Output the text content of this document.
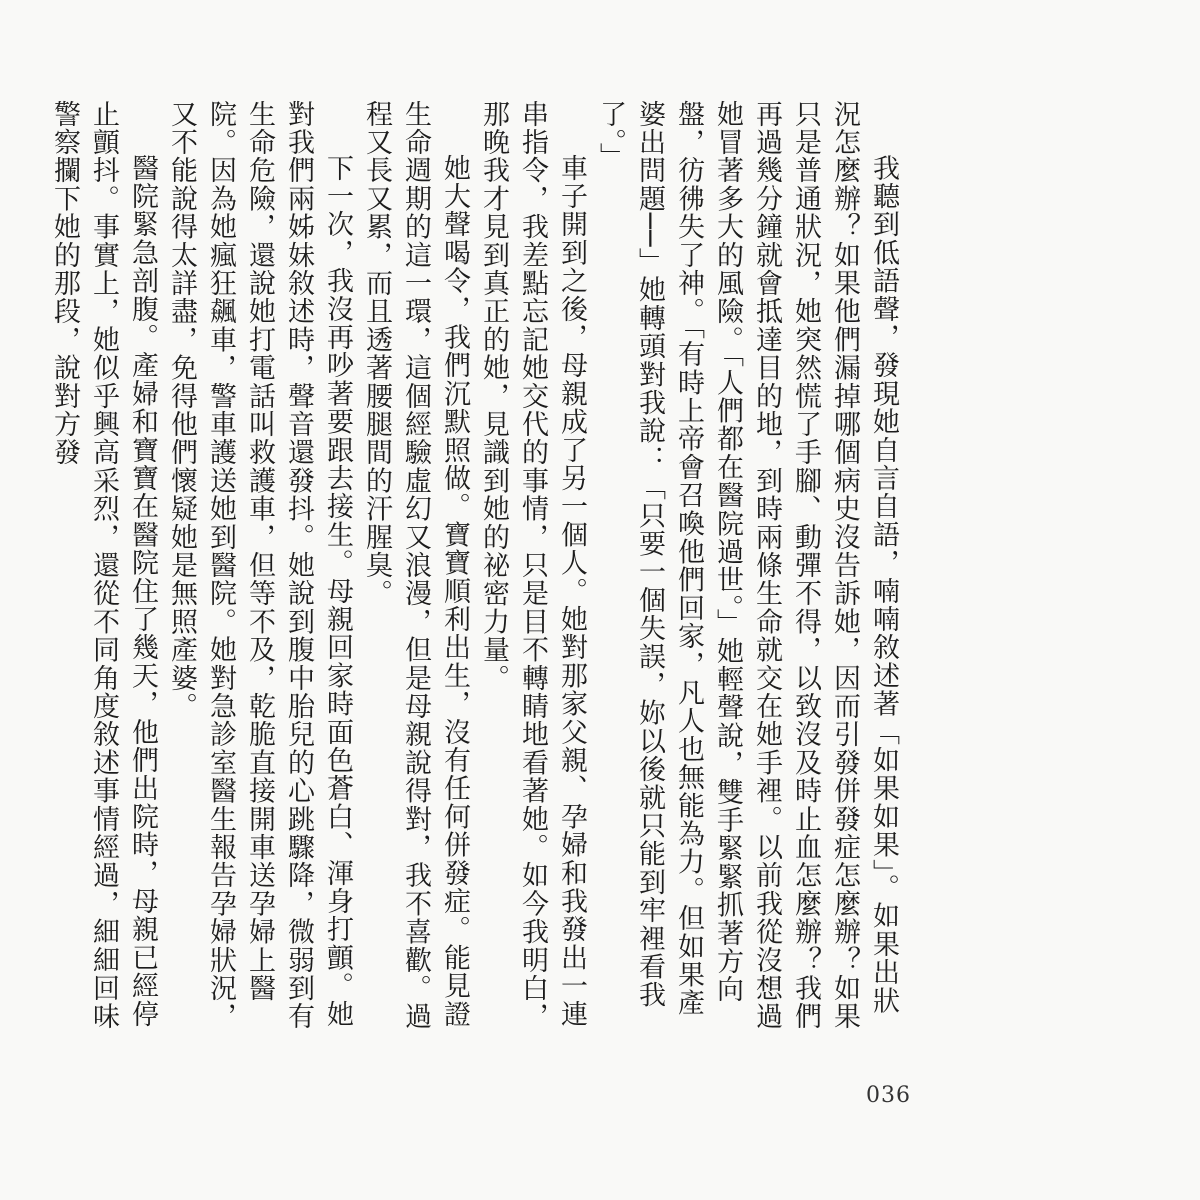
我聽到低語聲，發現她自言自語，喃喃敘述著「如果如果」。如果出狀況怎麼辦？如果他們漏掉哪個病史沒告訴她，因而引發併發症怎麼辦？如果只是普通狀況，她突然慌了手腳、動彈不得，以致沒及時止血怎麼辦？我們再過幾分鐘就會抵達目的地，到時兩條生命就交在她手裡。以前我從沒想過她冒著多大的風險。「人們都在醫院過世。」她輕聲說，雙手緊緊抓著方向盤，彷彿失了神。「有時上帝會召喚他們回家，凡人也無能為力。但如果產婆出問題──」她轉頭對我說：「只要一個失誤，妳以後就只能到牢裡看我了。」

車子開到之後，母親成了另一個人。她對那家父親、孕婦和我發出一連串指令，我差點忘記她交代的事情，只是目不轉睛地看著她。如今我明白，那晚我才見到真正的她，見識到她的祕密力量。

她大聲喝令，我們沉默照做。寶寶順利出生，沒有任何併發症。能見證生命週期的這一環，這個經驗虛幻又浪漫，但是母親說得對，我不喜歡。過程又長又累，而且透著腰腿間的汗腥臭。

下一次，我沒再吵著要跟去接生。母親回家時面色蒼白、渾身打顫。她對我們兩姊妹敘述時，聲音還發抖。她說到腹中胎兒的心跳驟降，微弱到有生命危險，還說她打電話叫救護車，但等不及，乾脆直接開車送孕婦上醫院。因為她瘋狂飆車，警車護送她到醫院。她對急診室醫生報告孕婦狀況，又不能說得太詳盡，免得他們懷疑她是無照產婆。

醫院緊急剖腹。產婦和寶寶在醫院住了幾天，他們出院時，母親已經停止顫抖。事實上，她似乎興高采烈，還從不同角度敘述事情經過，細細回味警察攔下她的那段，說對方發

036
